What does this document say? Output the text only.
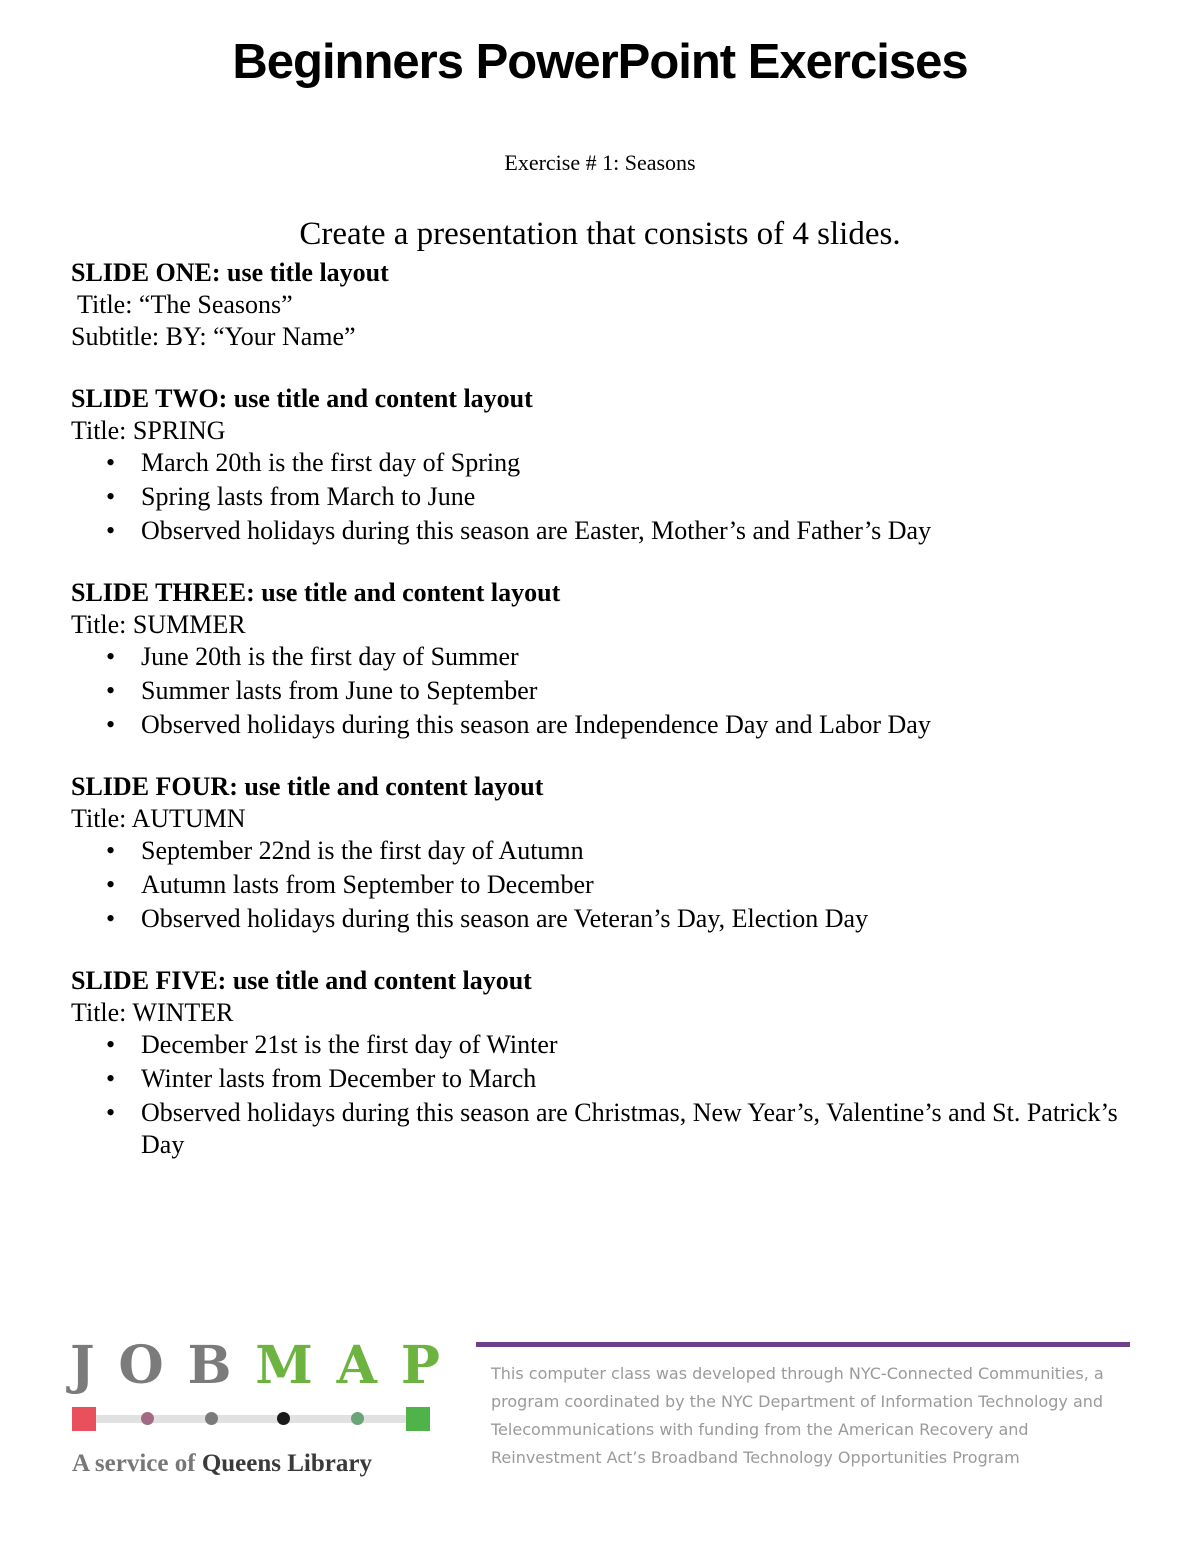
Beginners PowerPoint Exercises
Exercise # 1: Seasons
Create a presentation that consists of 4 slides.
SLIDE ONE: use title layout
Title: “The Seasons”
Subtitle: BY: “Your Name”
SLIDE TWO: use title and content layout
Title: SPRING
• March 20th is the first day of Spring
• Spring lasts from March to June
• Observed holidays during this season are Easter, Mother’s and Father’s Day
SLIDE THREE: use title and content layout
Title: SUMMER
• June 20th is the first day of Summer
• Summer lasts from June to September
• Observed holidays during this season are Independence Day and Labor Day
SLIDE FOUR: use title and content layout
Title: AUTUMN
• September 22nd is the first day of Autumn
• Autumn lasts from September to December
• Observed holidays during this season are Veteran’s Day, Election Day
SLIDE FIVE: use title and content layout
Title: WINTER
• December 21st is the first day of Winter
• Winter lasts from December to March
• Observed holidays during this season are Christmas, New Year’s, Valentine’s and St. Patrick’s Day
J O B M A P
A service of Queens Library
This computer class was developed through NYC-Connected Communities, a program coordinated by the NYC Department of Information Technology and Telecommunications with funding from the American Recovery and Reinvestment Act’s Broadband Technology Opportunities Program
